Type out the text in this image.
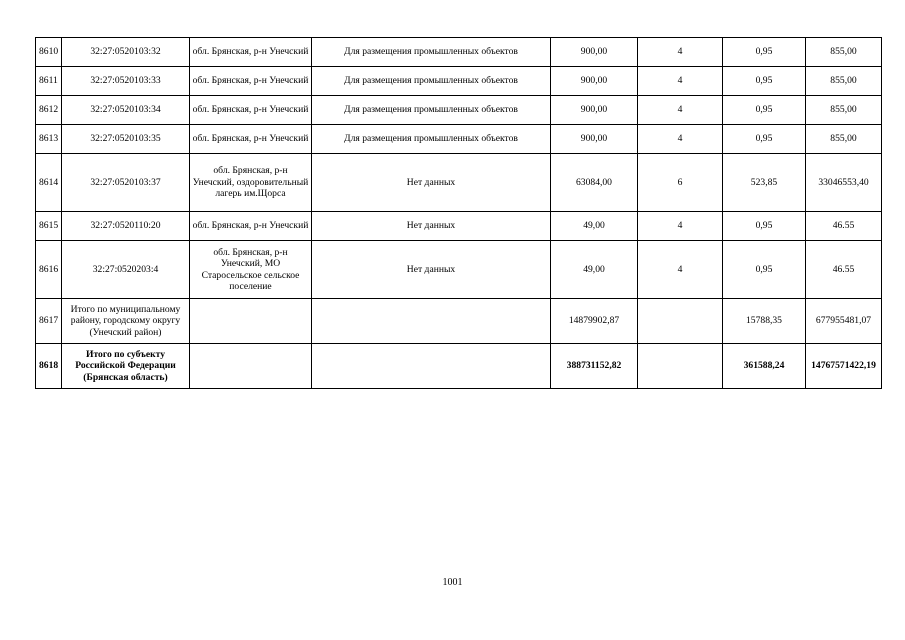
8610	32:27:0520103:32	обл. Брянская, р-н Унечский	Для размещения промышленных объектов	900,00	4	0,95	855,00
8611	32:27:0520103:33	обл. Брянская, р-н Унечский	Для размещения промышленных объектов	900,00	4	0,95	855,00
8612	32:27:0520103:34	обл. Брянская, р-н Унечский	Для размещения промышленных объектов	900,00	4	0,95	855,00
8613	32:27:0520103:35	обл. Брянская, р-н Унечский	Для размещения промышленных объектов	900,00	4	0,95	855,00
8614	32:27:0520103:37	обл. Брянская, р-н Унечский, оздоровительный лагерь им.Щорса	Нет данных	63084,00	6	523,85	33046553,40
8615	32:27:0520110:20	обл. Брянская, р-н Унечский	Нет данных	49,00	4	0,95	46.55
8616	32:27:0520203:4	обл. Брянская, р-н Унечский, МО Старосельское сельское поселение	Нет данных	49,00	4	0,95	46.55
8617	Итого по муниципальному району, городскому округу (Унечский район)			14879902,87		15788,35	677955481,07
8618	Итого по субъекту Российской Федерации (Брянская область)			388731152,82		361588,24	14767571422,19
1001
